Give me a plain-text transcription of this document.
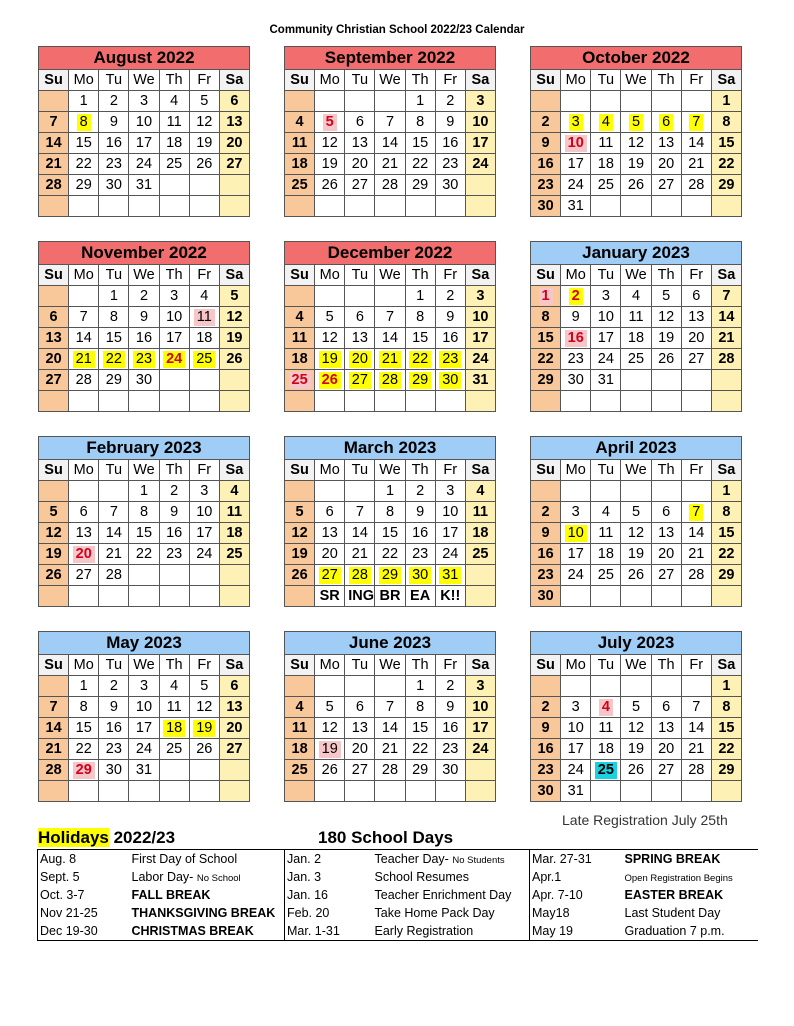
Community Christian School 2022/23 Calendar
August 2022						
Su	Mo	Tu	We	Th	Fr	Sa
	1	2	3	4	5	6
7	8	9	10	11	12	13
14	15	16	17	18	19	20
21	22	23	24	25	26	27
28	29	30	31			

September 2022						
Su	Mo	Tu	We	Th	Fr	Sa
				1	2	3
4	5	6	7	8	9	10
11	12	13	14	15	16	17
18	19	20	21	22	23	24
25	26	27	28	29	30	

October 2022						
Su	Mo	Tu	We	Th	Fr	Sa
						1
2	3	4	5	6	7	8
9	10	11	12	13	14	15
16	17	18	19	20	21	22
23	24	25	26	27	28	29
30	31					
November 2022						
Su	Mo	Tu	We	Th	Fr	Sa
		1	2	3	4	5
6	7	8	9	10	11	12
13	14	15	16	17	18	19
20	21	22	23	24	25	26
27	28	29	30			

December 2022						
Su	Mo	Tu	We	Th	Fr	Sa
				1	2	3
4	5	6	7	8	9	10
11	12	13	14	15	16	17
18	19	20	21	22	23	24
25	26	27	28	29	30	31

January 2023						
Su	Mo	Tu	We	Th	Fr	Sa
1	2	3	4	5	6	7
8	9	10	11	12	13	14
15	16	17	18	19	20	21
22	23	24	25	26	27	28
29	30	31				

February 2023						
Su	Mo	Tu	We	Th	Fr	Sa
			1	2	3	4
5	6	7	8	9	10	11
12	13	14	15	16	17	18
19	20	21	22	23	24	25
26	27	28				

March 2023						
Su	Mo	Tu	We	Th	Fr	Sa
			1	2	3	4
5	6	7	8	9	10	11
12	13	14	15	16	17	18
19	20	21	22	23	24	25
26	27	28	29	30	31	
	SR	ING	BR	EA	K!!	
April 2023						
Su	Mo	Tu	We	Th	Fr	Sa
						1
2	3	4	5	6	7	8
9	10	11	12	13	14	15
16	17	18	19	20	21	22
23	24	25	26	27	28	29
30						
May 2023						
Su	Mo	Tu	We	Th	Fr	Sa
	1	2	3	4	5	6
7	8	9	10	11	12	13
14	15	16	17	18	19	20
21	22	23	24	25	26	27
28	29	30	31			

June 2023						
Su	Mo	Tu	We	Th	Fr	Sa
				1	2	3
4	5	6	7	8	9	10
11	12	13	14	15	16	17
18	19	20	21	22	23	24
25	26	27	28	29	30	

July 2023						
Su	Mo	Tu	We	Th	Fr	Sa
						1
2	3	4	5	6	7	8
9	10	11	12	13	14	15
16	17	18	19	20	21	22
23	24	25	26	27	28	29
30	31					
Late Registration July 25th
Holidays 2022/23	180 School Days
Aug. 8	First Day of School	Jan. 2	Teacher Day- No Students	Mar. 27-31	SPRING BREAK
Sept. 5	Labor Day- No School	Jan. 3	School Resumes	Apr.1	Open Registration Begins
Oct. 3-7	FALL BREAK	Jan. 16	Teacher Enrichment Day	Apr. 7-10	EASTER BREAK
Nov 21-25	THANKSGIVING BREAK	Feb. 20	Take Home Pack Day	May18	Last Student Day
Dec 19-30	CHRISTMAS BREAK	Mar. 1-31	Early Registration	May 19	Graduation 7 p.m.
